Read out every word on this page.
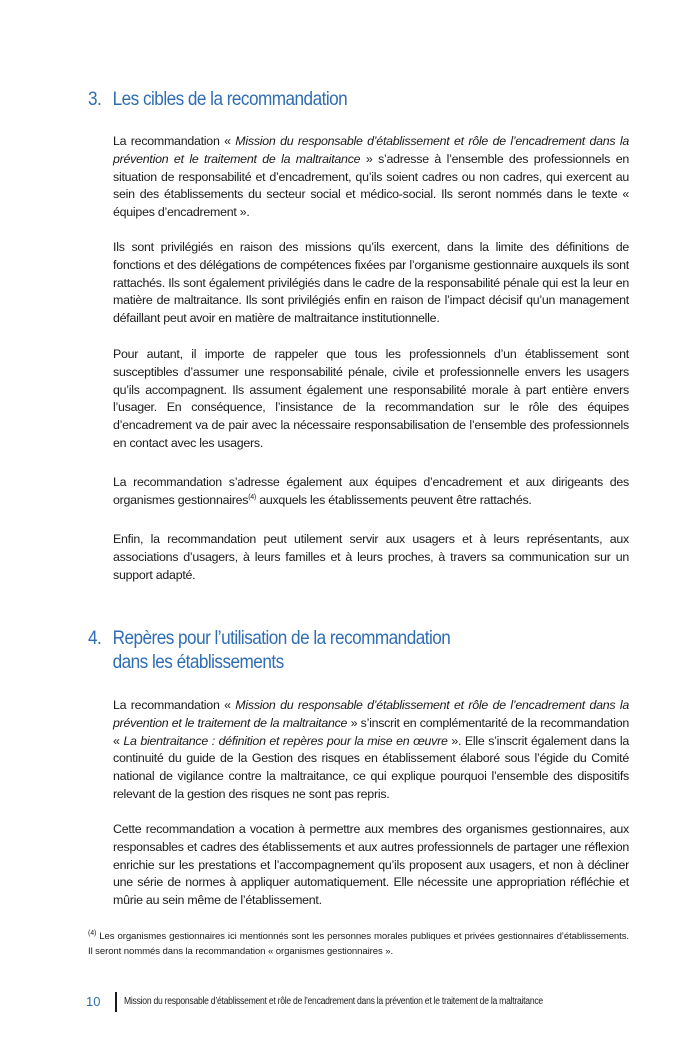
3. Les cibles de la recommandation
La recommandation « Mission du responsable d’établissement et rôle de l’encadrement dans la prévention et le traitement de la maltraitance » s’adresse à l’ensemble des professionnels en situation de responsabilité et d’encadrement, qu’ils soient cadres ou non cadres, qui exercent au sein des établissements du secteur social et médico-social. Ils seront nommés dans le texte « équipes d’encadrement ».
Ils sont privilégiés en raison des missions qu’ils exercent, dans la limite des définitions de fonctions et des délégations de compétences fixées par l’organisme gestionnaire auxquels ils sont rattachés. Ils sont également privilégiés dans le cadre de la responsabilité pénale qui est la leur en matière de maltraitance. Ils sont privilégiés enfin en raison de l’impact décisif qu’un management défaillant peut avoir en matière de maltraitance institutionnelle.
Pour autant, il importe de rappeler que tous les professionnels d’un établissement sont susceptibles d’assumer une responsabilité pénale, civile et professionnelle envers les usagers qu’ils accompagnent. Ils assument également une responsabilité morale à part entière envers l’usager. En conséquence, l’insistance de la recommandation sur le rôle des équipes d’encadrement va de pair avec la nécessaire responsabilisation de l’ensemble des professionnels en contact avec les usagers.
La recommandation s’adresse également aux équipes d’encadrement et aux dirigeants des organismes gestionnaires$^{(4)}$ auxquels les établissements peuvent être rattachés.
Enfin, la recommandation peut utilement servir aux usagers et à leurs représentants, aux associations d’usagers, à leurs familles et à leurs proches, à travers sa communication sur un support adapté.
4. Repères pour l’utilisation de la recommandation
dans les établissements
La recommandation « Mission du responsable d’établissement et rôle de l’encadrement dans la prévention et le traitement de la maltraitance » s’inscrit en complémentarité de la recommandation « La bientraitance : définition et repères pour la mise en œuvre ». Elle s’inscrit également dans la continuité du guide de la Gestion des risques en établissement élaboré sous l’égide du Comité national de vigilance contre la maltraitance, ce qui explique pourquoi l’ensemble des dispositifs relevant de la gestion des risques ne sont pas repris.
Cette recommandation a vocation à permettre aux membres des organismes gestionnaires, aux responsables et cadres des établissements et aux autres professionnels de partager une réflexion enrichie sur les prestations et l’accompagnement qu’ils proposent aux usagers, et non à décliner une série de normes à appliquer automatiquement. Elle nécessite une appropriation réfléchie et mûrie au sein même de l’établissement.
$^{(4)}$ Les organismes gestionnaires ici mentionnés sont les personnes morales publiques et privées gestionnaires d’établissements. Il seront nommés dans la recommandation « organismes gestionnaires ».
10 Mission du responsable d’établissement et rôle de l’encadrement dans la prévention et le traitement de la maltraitance
